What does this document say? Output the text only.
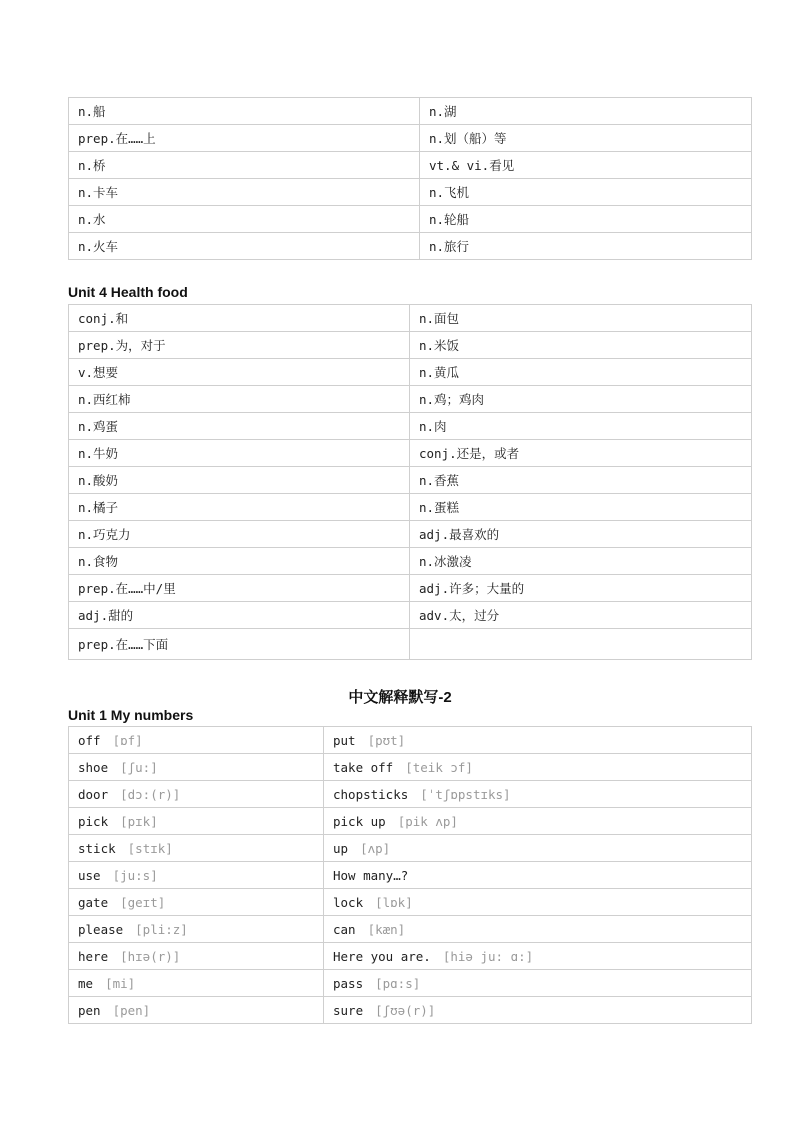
n.船	n.湖
prep.在……上	n.划（船）等
n.桥	vt.& vi.看见
n.卡车	n.飞机
n.水	n.轮船
n.火车	n.旅行

Unit 4 Health food

conj.和	n.面包
prep.为，对于	n.米饭
v.想要	n.黄瓜
n.西红柿	n.鸡；鸡肉
n.鸡蛋	n.肉
n.牛奶	conj.还是，或者
n.酸奶	n.香蕉
n.橘子	n.蛋糕
n.巧克力	adj.最喜欢的
n.食物	n.冰激凌
prep.在……中/里	adj.许多；大量的
adj.甜的	adv.太，过分
prep.在……下面	

中文解释默写-2

Unit 1 My numbers

off [ɒf]	put [pʊt]
shoe [ʃu:]	take off [teik ɔf]
door [dɔ:(r)]	chopsticks [ˈtʃɒpstɪks]
pick [pɪk]	pick up [pik ʌp]
stick [stɪk]	up [ʌp]
use [ju:s]	How many…?
gate [geɪt]	lock [lɒk]
please [pli:z]	can [kæn]
here [hɪə(r)]	Here you are. [hiə ju: ɑ:]
me [mi]	pass [pɑ:s]
pen [pen]	sure [ʃʊə(r)]
